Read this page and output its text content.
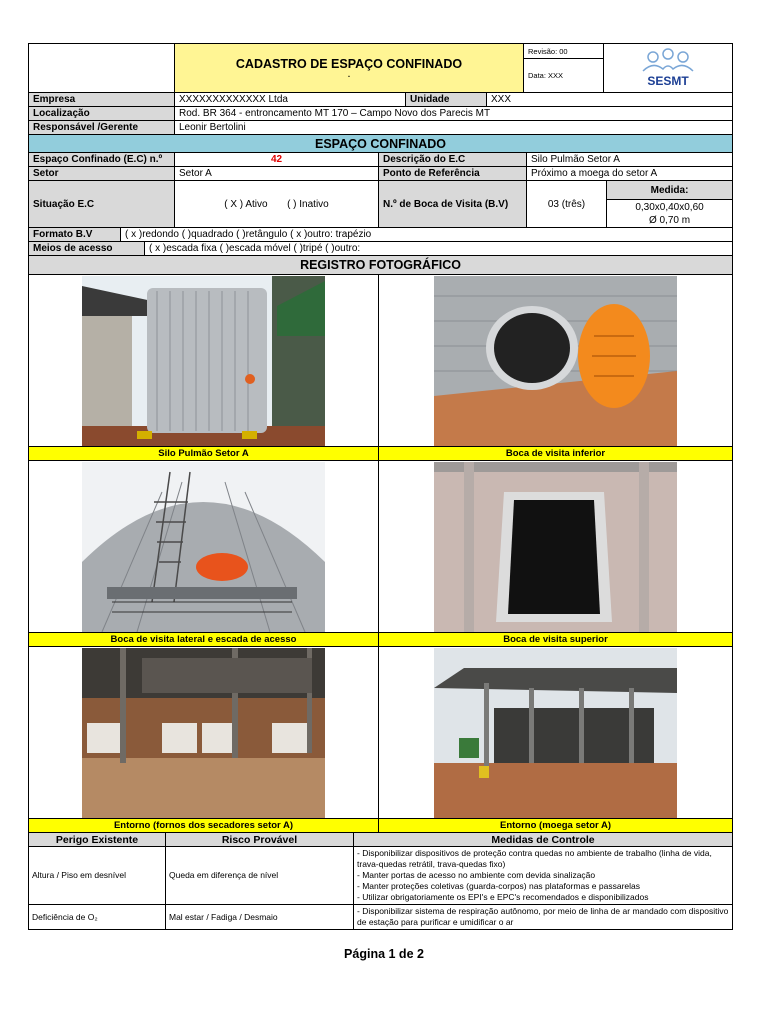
CADASTRO DE ESPAÇO CONFINADO
.
	Revisão: 00	
SESMT

Data: XXX
Empresa	XXXXXXXXXXXXX Ltda	Unidade	XXX
Localização	Rod. BR 364 - entroncamento MT 170 – Campo Novo dos Parecis MT		
Responsável /Gerente	Leonir Bertolini		
ESPAÇO CONFINADO				
Espaço Confinado (E.C) n.º	42	Descrição do E.C	Silo Pulmão Setor A	
Setor	Setor A	Ponto de Referência	Próximo a moega do setor A	
Situação E.C	( X ) Ativo ( ) Inativo	N.º de Boca de Visita (B.V)	03 (três)	Medida:

				0,30x0,40x0,60
Ø 0,70 m
Formato B.V	( x )redondo ( )quadrado ( )retângulo ( x )outro: trapézio
Meios de acesso	( x )escada fixa ( )escada móvel ( )tripé ( )outro:
REGISTRO FOTOGRÁFICO	

Silo Pulmão Setor A	Boca de visita inferior

Boca de visita lateral e escada de acesso	Boca de visita superior

Entorno (fornos dos secadores setor A)	Entorno (moega setor A)
Perigo Existente	Risco Provável	Medidas de Controle
Altura / Piso em desnível	Queda em diferença de nível	- Disponibilizar dispositivos de proteção contra quedas no ambiente de trabalho (linha de vida, trava-quedas retrátil, trava-quedas fixo)
- Manter portas de acesso no ambiente com devida sinalização
- Manter proteções coletivas (guarda-corpos) nas plataformas e passarelas
- Utilizar obrigatoriamente os EPI's e EPC's recomendados e disponibilizados

Deficiência de O₂	Mal estar / Fadiga / Desmaio	- Disponibilizar sistema de respiração autônomo, por meio de linha de ar mandado com dispositivo de estação para purificar e umidificar o ar
Página 1 de 2
